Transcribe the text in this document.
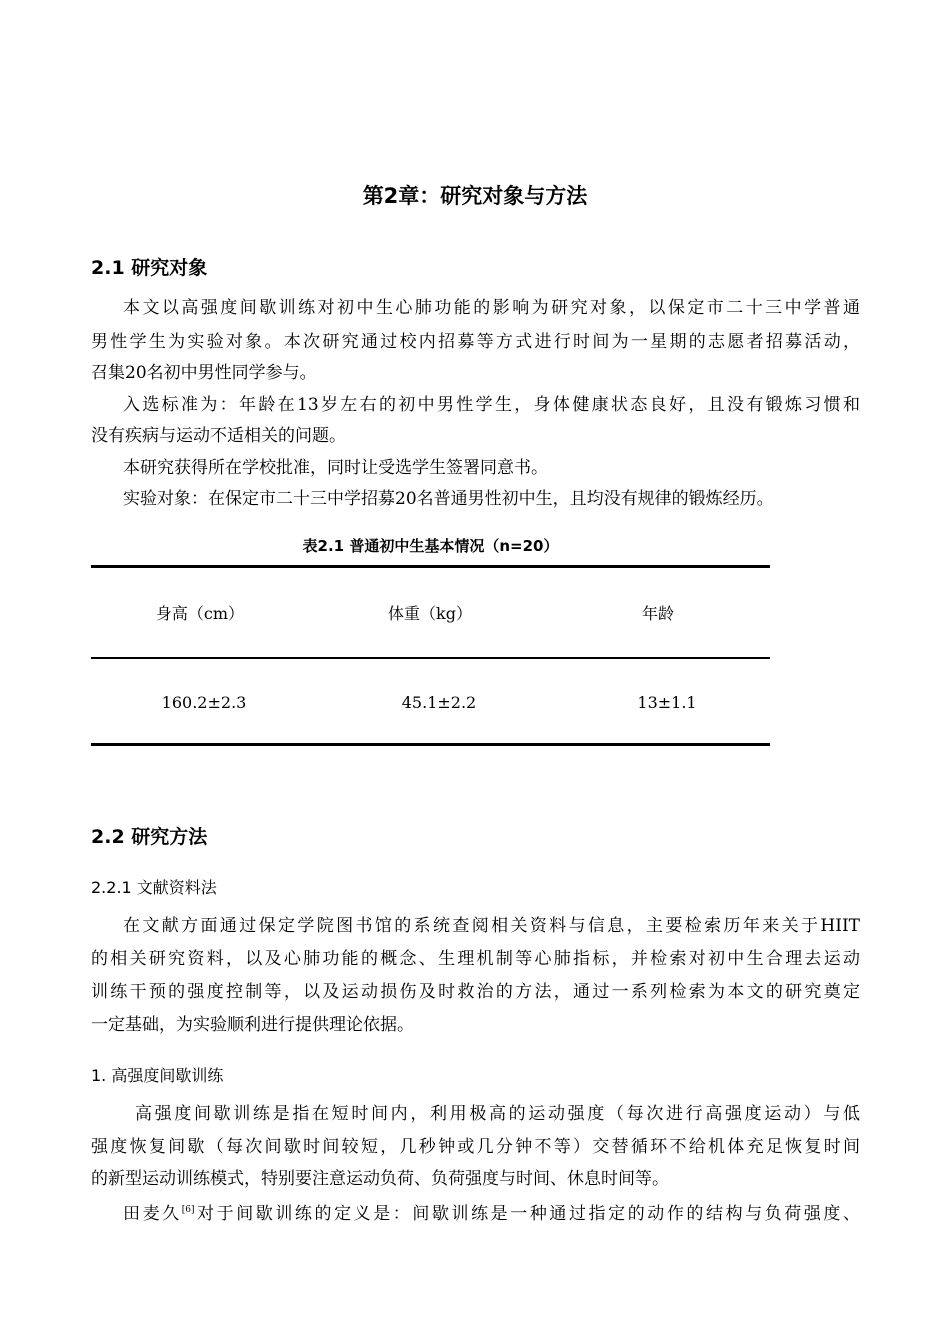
第2章：研究对象与方法
2.1 研究对象
本文以高强度间歇训练对初中生心肺功能的影响为研究对象，以保定市二十三中学普通
男性学生为实验对象。本次研究通过校内招募等方式进行时间为一星期的志愿者招募活动，
召集20名初中男性同学参与。
入选标准为：年龄在13岁左右的初中男性学生，身体健康状态良好，且没有锻炼习惯和
没有疾病与运动不适相关的问题。
本研究获得所在学校批准，同时让受选学生签署同意书。
实验对象：在保定市二十三中学招募20名普通男性初中生，且均没有规律的锻炼经历。
表2.1 普通初中生基本情况（n=20）
身高（cm）	体重（kg）	年龄
160.2±2.3	45.1±2.2	13±1.1
2.2 研究方法
2.2.1 文献资料法
在文献方面通过保定学院图书馆的系统查阅相关资料与信息，主要检索历年来关于HIIT
的相关研究资料，以及心肺功能的概念、生理机制等心肺指标，并检索对初中生合理去运动
训练干预的强度控制等，以及运动损伤及时救治的方法，通过一系列检索为本文的研究奠定
一定基础，为实验顺利进行提供理论依据。
1. 高强度间歇训练
高强度间歇训练是指在短时间内，利用极高的运动强度（每次进行高强度运动）与低
强度恢复间歇（每次间歇时间较短，几秒钟或几分钟不等）交替循环不给机体充足恢复时间
的新型运动训练模式，特别要注意运动负荷、负荷强度与时间、休息时间等。
田麦久[6]对于间歇训练的定义是：间歇训练是一种通过指定的动作的结构与负荷强度、
